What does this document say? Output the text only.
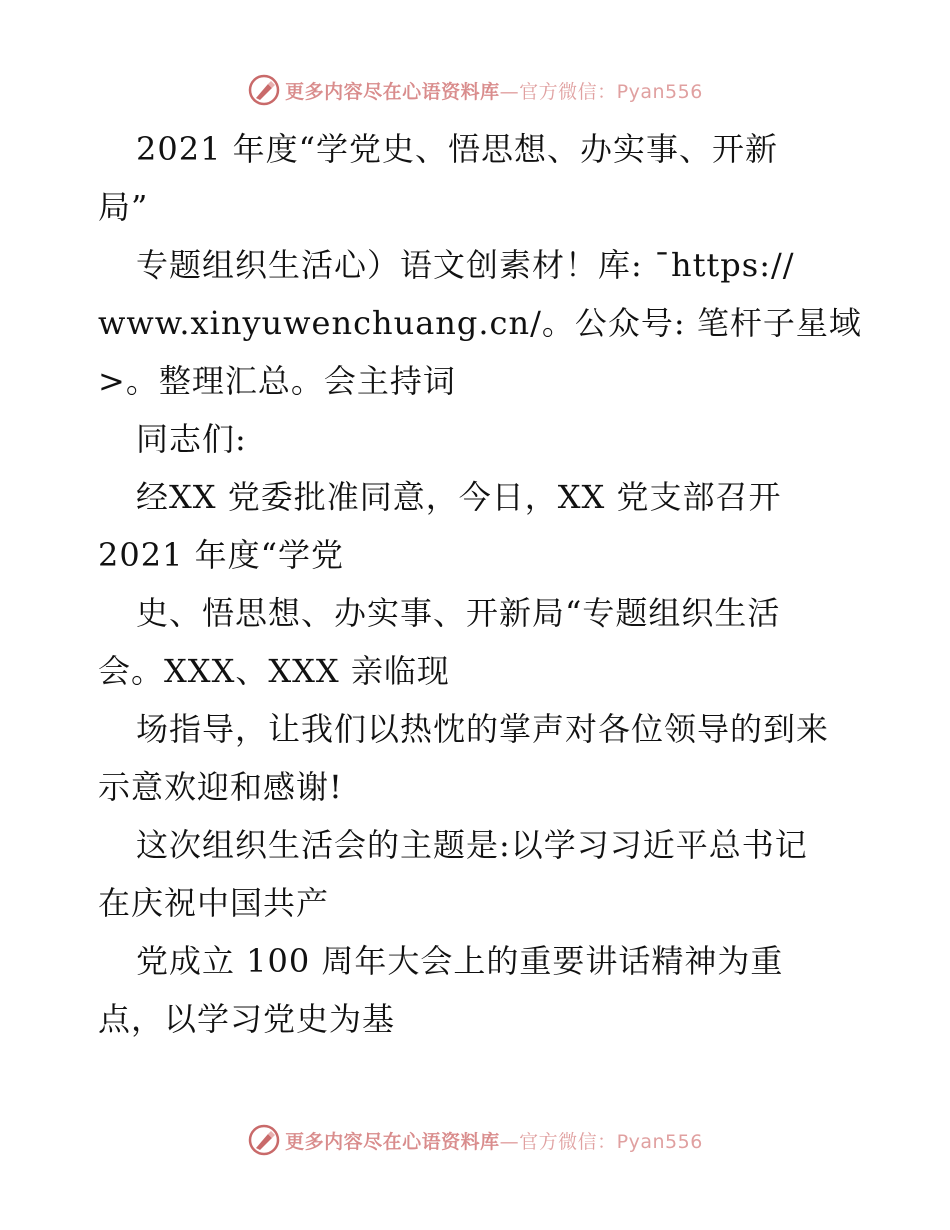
更多内容尽在心语资料库—官方微信：Pyan556
2021 年度“学党史、悟思想、办实事、开新
局”
专题组织生活心）语文创素材！库: ¯https://
www.xinyuwenchuang.cn/。公众号: 笔杆子星域
>。整理汇总。会主持词
同志们:
经XX 党委批准同意，今日，XX 党支部召开
2021 年度“学党
史、悟思想、办实事、开新局“专题组织生活
会。XXX、XXX 亲临现
场指导，让我们以热忱的掌声对各位领导的到来
示意欢迎和感谢!
这次组织生活会的主题是:以学习习近平总书记
在庆祝中国共产
党成立 100 周年大会上的重要讲话精神为重
点，以学习党史为基
更多内容尽在心语资料库—官方微信：Pyan556
